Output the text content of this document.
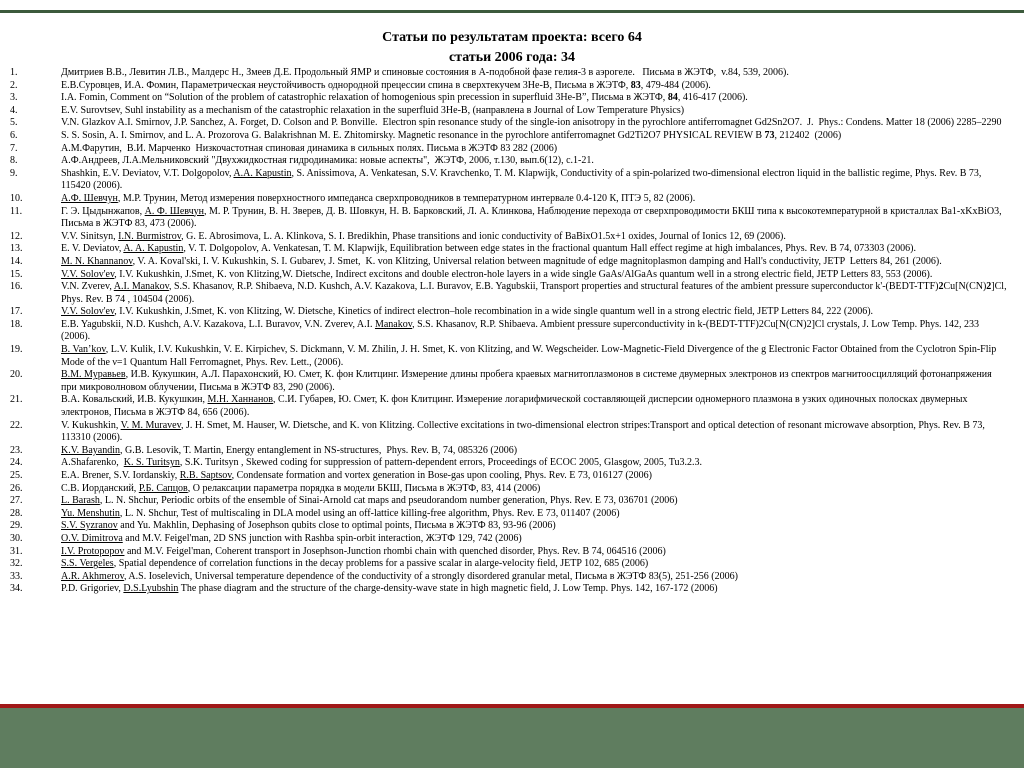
Статьи по результатам проекта: всего 64
статьи 2006 года: 34
1.	Дмитриев В.В., Левитин Л.В., Малдерс Н., Змеев Д.Е. Продольный ЯМР и спиновые состояния в A-подобной фазе гелия-3 в аэрогеле.   Письма в ЖЭТФ,  v.84, 539, 2006).
2.	Е.В.Суровцев, И.А. Фомин, Параметрическая неустойчивость однородной прецессии спина в сверхтекучем 3He-B, Письма в ЖЭТФ, 83, 479-484 (2006).
3.	I.A. Fomin, Comment on “Solution of the problem of catastrophic relaxation of homogenious spin precession in superfluid 3He-B”, Письма в ЖЭТФ, 84, 416-417 (2006).
4.	E.V. Surovtsev, Suhl instability as a mechanism of the catastrophic relaxation in the superfluid 3He-B, (направлена в Journal of Low Temperature Physics)
5.	V.N. Glazkov A.I. Smirnov, J.P. Sanchez, A. Forget, D. Colson and P. Bonville.  Electron spin resonance study of the single-ion anisotropy in the pyrochlore antiferromagnet Gd2Sn2O7.  J.  Phys.: Condens. Matter 18 (2006) 2285–2290
6.	S. S. Sosin, A. I. Smirnov, and L. A. Prozorova G. Balakrishnan M. E. Zhitomirsky. Magnetic resonance in the pyrochlore antiferromagnet Gd2Ti2O7 PHYSICAL REVIEW B 73, 212402  (2006)
7.	А.М.Фарутин,  В.И. Марченко  Низкочастотная спиновая динамика в сильных полях. Письма в ЖЭТФ 83 282 (2006)
8.	А.Ф.Андреев, Л.А.Мельниковский "Двухжидкостная гидродинамика: новые аспекты",  ЖЭТФ, 2006, т.130, вып.6(12), с.1-21.
9.	Shashkin, E.V. Deviatov, V.T. Dolgopolov, A.A. Kapustin, S. Anissimova, A. Venkatesan, S.V. Kravchenko, T. M. Klapwijk, Conductivity of a spin-polarized two-dimensional electron liquid in the ballistic regime, Phys. Rev. B 73, 115420 (2006).
10.	А.Ф. Шевчун, М.Р. Трунин, Метод измерения поверхностного импеданса сверхпроводников в температурном интервале 0.4-120 К, ПТЭ 5, 82 (2006).
11.	Г. Э. Цыдынжапов, А. Ф. Шевчун, М. Р. Трунин, В. Н. Зверев, Д. В. Шовкун, Н. В. Барковский, Л. А. Клинкова, Наблюдение перехода от сверхпроводимости БКШ типа к высокотемпературной в кристаллах Ba1-xKxBiO3, Письма в ЖЭТФ 83, 473 (2006).
12.	V.V. Sinitsyn, I.N. Burmistrov, G. E. Abrosimova, L. A. Klinkova, S. I. Bredikhin, Phase transitions and ionic conductivity of BaBixO1.5x+1 oxides, Journal of Ionics 12, 69 (2006).
13.	E. V. Deviatov, A. A. Kapustin, V. T. Dolgopolov, A. Venkatesan, T. M. Klapwijk, Equilibration between edge states in the fractional quantum Hall effect regime at high imbalances, Phys. Rev. B 74, 073303 (2006).
14.	M. N. Khannanov, V. A. Koval'ski, I. V. Kukushkin, S. I. Gubarev, J. Smet,  K. von Klitzing, Universal relation between magnitude of edge magnitoplasmon damping and Hall's conductivity, JETP  Letters 84, 261 (2006).
15.	V.V. Solov'ev, I.V. Kukushkin, J.Smet, K. von Klitzing,W. Dietsche, Indirect excitons and double electron-hole layers in a wide single GaAs/AlGaAs quantum well in a strong electric field, JETP Letters 83, 553 (2006).
16.	V.N. Zverev, A.I. Manakov, S.S. Khasanov, R.P. Shibaeva, N.D. Kushch, A.V. Kazakova, L.I. Buravov, E.B. Yagubskii, Transport properties and structural features of the ambient pressure superconductor k'-(BEDT-TTF)2Cu[N(CN)2]Cl, Phys. Rev. B 74 , 104504 (2006).
17.	V.V. Solov'ev, I.V. Kukushkin, J.Smet, K. von Klitzing, W. Dietsche, Kinetics of indirect electron–hole recombination in a wide single quantum well in a strong electric field, JETP Letters 84, 222 (2006).
18.	E.B. Yagubskii, N.D. Kushch, A.V. Kazakova, L.I. Buravov, V.N. Zverev, A.I. Manakov, S.S. Khasanov, R.P. Shibaeva. Ambient pressure superconductivity in k-(BEDT-TTF)2Cu[N(CN)2]Cl crystals, J. Low Temp. Phys. 142, 233 (2006).
19.	B. Van’kov, L.V. Kulik, I.V. Kukushkin, V. E. Kirpichev, S. Dickmann, V. M. Zhilin, J. H. Smet, K. von Klitzing, and W. Wegscheider. Low-Magnetic-Field Divergence of the g Electronic Factor Obtained from the Cyclotron Spin-Flip Mode of the ν=1 Quantum Hall Ferromagnet, Phys. Rev. Lett., (2006).
20.	В.М. Муравьев, И.В. Кукушкин, А.Л. Парахонский, Ю. Смет, К. фон Клитцинг. Измерение длины пробега краевых магнитоплазмонов в системе двумерных электронов из спектров магнитоосцилляций фотонапряжения при микроволновом облучении, Письма в ЖЭТФ 83, 290 (2006).
21.	В.А. Ковальский, И.В. Кукушкин, М.Н. Ханнанов, С.И. Губарев, Ю. Смет, К. фон Клитцинг. Измерение логарифмической составляющей дисперсии одномерного плазмона в узких одиночных полосках двумерных электронов, Письма в ЖЭТФ 84, 656 (2006).
22.	V. Kukushkin, V. M. Muravev, J. H. Smet, M. Hauser, W. Dietsche, and K. von Klitzing. Collective excitations in two-dimensional electron stripes:Transport and optical detection of resonant microwave absorption, Phys. Rev. B 73, 113310 (2006).
23.	K.V. Bayandin, G.B. Lesovik, T. Martin, Energy entanglement in NS-structures,  Phys. Rev. B, 74, 085326 (2006)
24.	A.Shafarenko,  K. S. Turitsyn, S.K. Turitsyn , Skewed coding for suppression of pattern-dependent errors, Proceedings of ECOC 2005, Glasgow, 2005, Tu3.2.3.
25.	E.A. Brener, S.V. Iordanskiy, R.B. Saptsov, Condensate formation and vortex generation in Bose-gas upon cooling, Phys. Rev. E 73, 016127 (2006)
26.	С.В. Иорданский, Р.Б. Сапцов, О релаксации параметра порядка в модели БКШ, Письма в ЖЭТФ, 83, 414 (2006)
27.	L. Barash, L. N. Shchur, Periodic orbits of the ensemble of Sinai-Arnold cat maps and pseudorandom number generation, Phys. Rev. E 73, 036701 (2006)
28.	Yu. Menshutin, L. N. Shchur, Test of multiscaling in DLA model using an off-lattice killing-free algorithm, Phys. Rev. E 73, 011407 (2006)
29.	S.V. Syzranov and Yu. Makhlin, Dephasing of Josephson qubits close to optimal points, Письма в ЖЭТФ 83, 93-96 (2006)
30.	O.V. Dimitrova and M.V. Feigel'man, 2D SNS junction with Rashba spin-orbit interaction, ЖЭТФ 129, 742 (2006)
31.	I.V. Protopopov and M.V. Feigel'man, Coherent transport in Josephson-Junction rhombi chain with quenched disorder, Phys. Rev. B 74, 064516 (2006)
32.	S.S. Vergeles, Spatial dependence of correlation functions in the decay problems for a passive scalar in alarge-velocity field, JETP 102, 685 (2006)
33.	A.R. Akhmerov, A.S. Ioselevich, Universal temperature dependence of the conductivity of a strongly disordered granular metal, Письма в ЖЭТФ 83(5), 251-256 (2006)
34.	P.D. Grigoriev, D.S.Lyubshin The phase diagram and the structure of the charge-density-wave state in high magnetic field, J. Low Temp. Phys. 142, 167-172 (2006)
